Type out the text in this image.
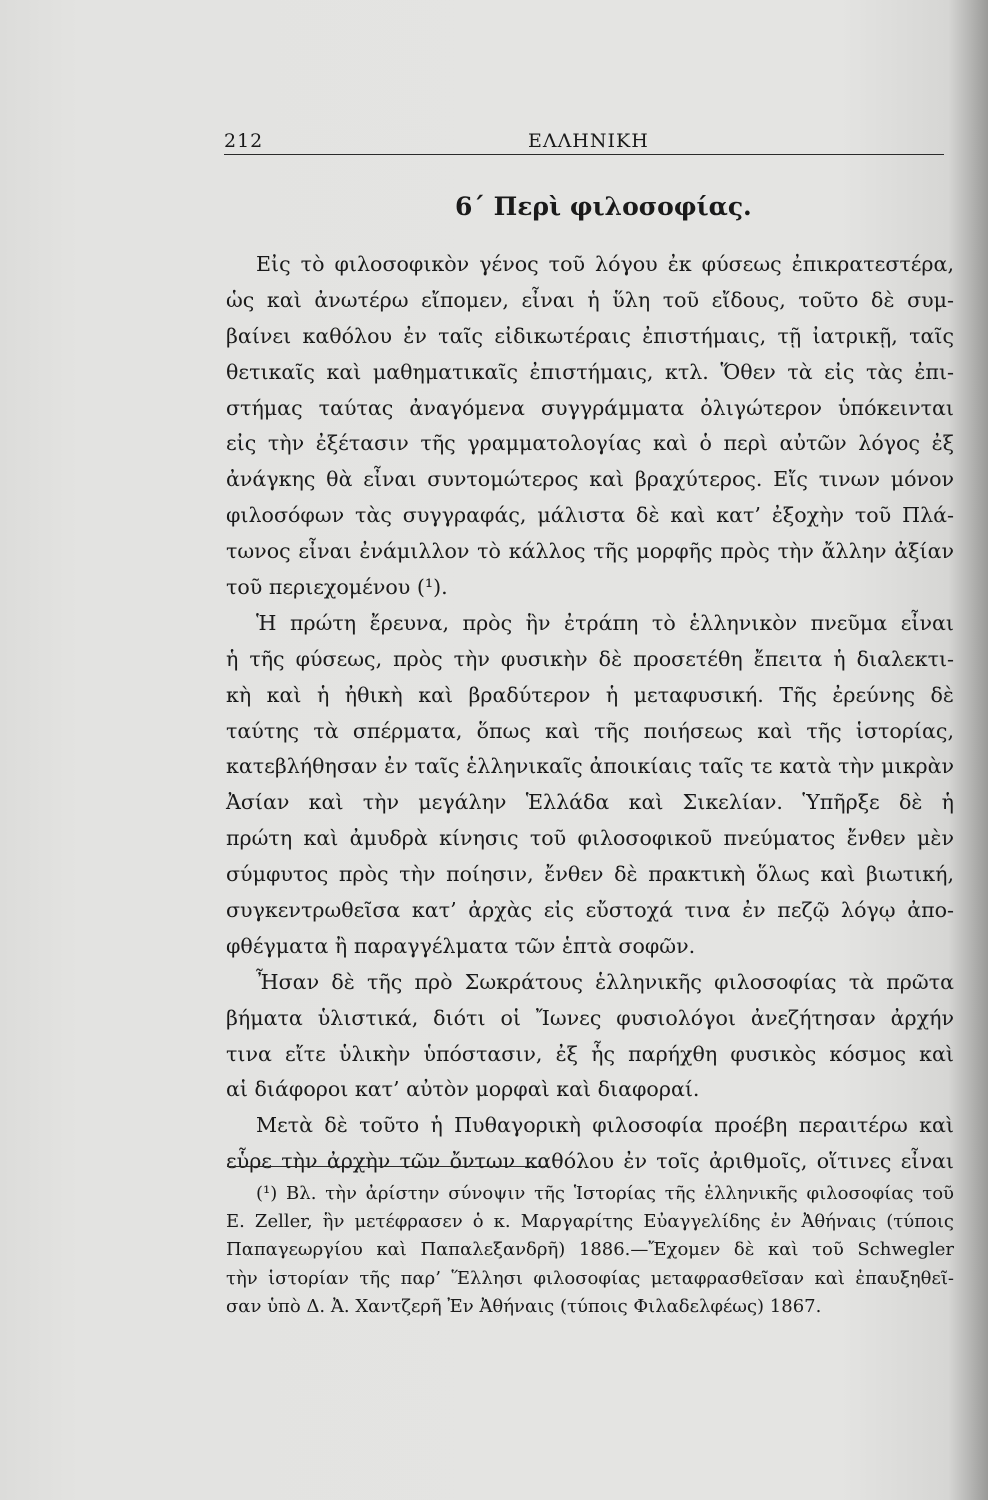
212	ΕΛΛΗΝΙΚΗ
6΄ Περὶ φιλοσοφίας.
Εἰς τὸ φιλοσοφικὸν γένος τοῦ λόγου ἐκ φύσεως ἐπικρατεστέρα,
ὡς καὶ ἀνωτέρω εἴπομεν, εἶναι ἡ ὕλη τοῦ εἴδους, τοῦτο δὲ συμ-
βαίνει καθόλου ἐν ταῖς εἰδικωτέραις ἐπιστήμαις, τῇ ἰατρικῇ, ταῖς
θετικαῖς καὶ μαθηματικαῖς ἐπιστήμαις, κτλ. Ὅθεν τὰ εἰς τὰς ἐπι-
στήμας ταύτας ἀναγόμενα συγγράμματα ὀλιγώτερον ὑπόκεινται
εἰς τὴν ἐξέτασιν τῆς γραμματολογίας καὶ ὁ περὶ αὐτῶν λόγος ἐξ
ἀνάγκης θὰ εἶναι συντομώτερος καὶ βραχύτερος. Εἴς τινων μόνον
φιλοσόφων τὰς συγγραφάς, μάλιστα δὲ καὶ κατ’ ἐξοχὴν τοῦ Πλά-
τωνος εἶναι ἐνάμιλλον τὸ κάλλος τῆς μορφῆς πρὸς τὴν ἄλλην ἀξίαν
τοῦ περιεχομένου (¹).
Ἡ πρώτη ἔρευνα, πρὸς ἣν ἐτράπη τὸ ἑλληνικὸν πνεῦμα εἶναι
ἡ τῆς φύσεως, πρὸς τὴν φυσικὴν δὲ προσετέθη ἔπειτα ἡ διαλεκτι-
κὴ καὶ ἡ ἠθικὴ καὶ βραδύτερον ἡ μεταφυσική. Τῆς ἐρεύνης δὲ
ταύτης τὰ σπέρματα, ὅπως καὶ τῆς ποιήσεως καὶ τῆς ἱστορίας,
κατεβλήθησαν ἐν ταῖς ἑλληνικαῖς ἀποικίαις ταῖς τε κατὰ τὴν μικρὰν
Ἀσίαν καὶ τὴν μεγάλην Ἑλλάδα καὶ Σικελίαν. Ὑπῆρξε δὲ ἡ
πρώτη καὶ ἀμυδρὰ κίνησις τοῦ φιλοσοφικοῦ πνεύματος ἔνθεν μὲν
σύμφυτος πρὸς τὴν ποίησιν, ἔνθεν δὲ πρακτικὴ ὅλως καὶ βιωτική,
συγκεντρωθεῖσα κατ’ ἀρχὰς εἰς εὔστοχά τινα ἐν πεζῷ λόγῳ ἀπο-
φθέγματα ἢ παραγγέλματα τῶν ἑπτὰ σοφῶν.
Ἦσαν δὲ τῆς πρὸ Σωκράτους ἑλληνικῆς φιλοσοφίας τὰ πρῶτα
βήματα ὑλιστικά, διότι οἱ Ἴωνες φυσιολόγοι ἀνεζήτησαν ἀρχήν
τινα εἴτε ὑλικὴν ὑπόστασιν, ἐξ ἧς παρήχθη φυσικὸς κόσμος καὶ
αἱ διάφοροι κατ’ αὐτὸν μορφαὶ καὶ διαφοραί.
Μετὰ δὲ τοῦτο ἡ Πυθαγορικὴ φιλοσοφία προέβη περαιτέρω καὶ
εὗρε τὴν ἀρχὴν τῶν ὄντων καθόλου ἐν τοῖς ἀριθμοῖς, οἵτινες εἶναι
(¹) Βλ. τὴν ἀρίστην σύνοψιν τῆς Ἱστορίας τῆς ἑλληνικῆς φιλοσοφίας τοῦ
E. Zeller, ἣν μετέφρασεν ὁ κ. Μαργαρίτης Εὐαγγελίδης ἐν Ἀθήναις (τύποις
Παπαγεωργίου καὶ Παπαλεξανδρῆ) 1886.—Ἔχομεν δὲ καὶ τοῦ Schwegler
τὴν ἱστορίαν τῆς παρ’ Ἕλλησι φιλοσοφίας μεταφρασθεῖσαν καὶ ἐπαυξηθεῖ-
σαν ὑπὸ Δ. Ἀ. Χαντζερῆ Ἐν Ἀθήναις (τύποις Φιλαδελφέως) 1867.
